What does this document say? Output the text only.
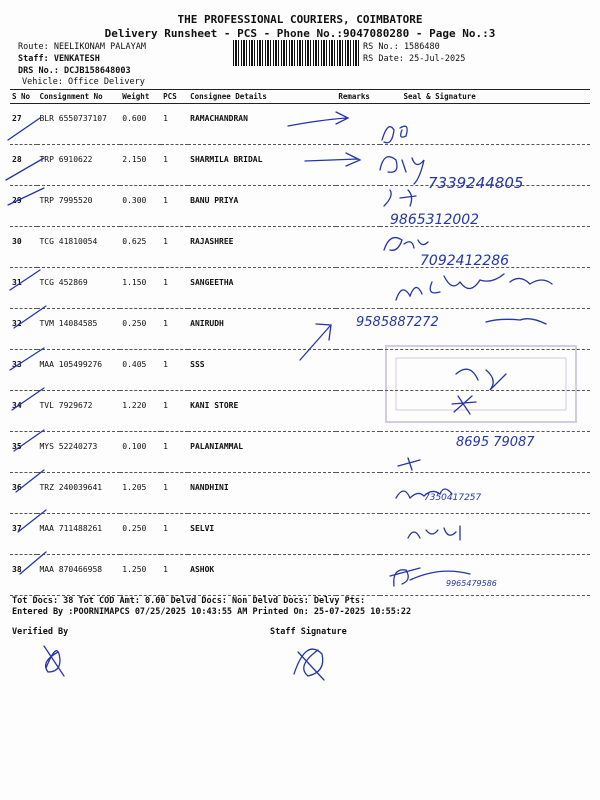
THE PROFESSIONAL COURIERS, COIMBATORE
Delivery Runsheet - PCS - Phone No.:9047080280 - Page No.:3
Route: NEELIKONAM PALAYAM
Staff: VENKATESH
DRS No.: DCJB158648003
Vehicle: Office Delivery
RS No.: 1586480
RS Date: 25-Jul-2025
S No	Consignment No	Weight	PCS	Consignee Details	Remarks	Seal & Signature
27	BLR 6550737107	0.600	1	RAMACHANDRAN		
28	TRP 6910622	2.150	1	SHARMILA BRIDAL		
29	TRP 7995520	0.300	1	BANU PRIYA		
30	TCG 41810054	0.625	1	RAJASHREE		
31	TCG 452869	1.150	1	SANGEETHA		
32	TVM 14084585	0.250	1	ANIRUDH		
33	MAA 105499276	0.405	1	SSS		
34	TVL 7929672	1.220	1	KANI STORE		
35	MYS 52240273	0.100	1	PALANIAMMAL		
36	TRZ 240039641	1.205	1	NANDHINI		
37	MAA 711488261	0.250	1	SELVI		
38	MAA 870466958	1.250	1	ASHOK		
7339244805
9865312002
7092412286
9585887272
8695 79087
7350417257
9965479586
Tot Docs: 38 Tot COD Amt: 0.00 Delvd Docs: Non Delvd Docs: Delvy Pts:
Entered By :POORNIMAPCS 07/25/2025 10:43:55 AM Printed On: 25-07-2025 10:55:22
Verified By	Staff Signature
